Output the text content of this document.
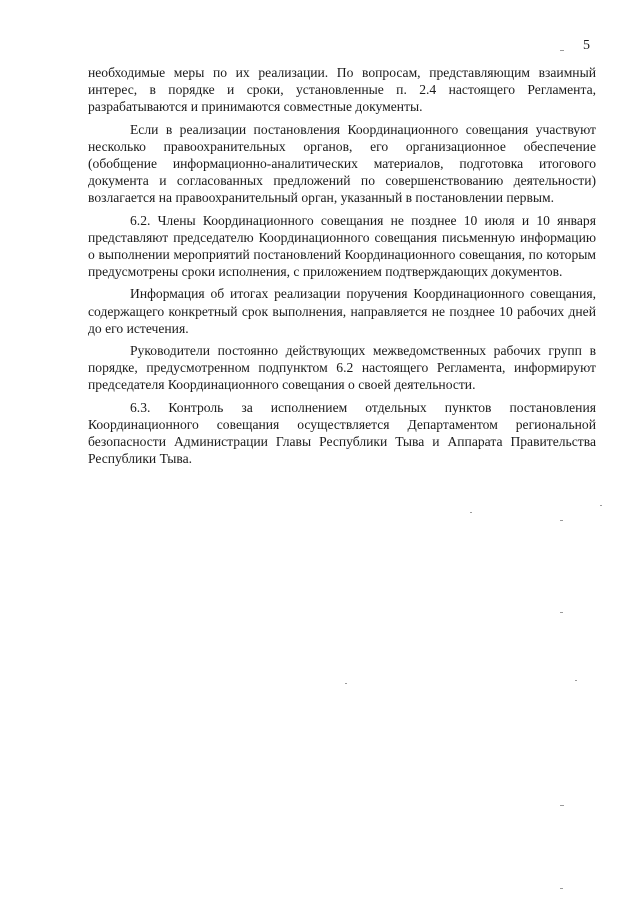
5

необходимые меры по их реализации. По вопросам, представляющим взаимный интерес, в порядке и сроки, установленные п. 2.4 настоящего Регламента, разрабатываются и принимаются совместные документы.

Если в реализации постановления Координационного совещания участвуют несколько правоохранительных органов, его организационное обеспечение (обобщение информационно-аналитических материалов, подготовка итогового документа и согласованных предложений по совершенствованию деятельности) возлагается на правоохранительный орган, указанный в постановлении первым.

6.2. Члены Координационного совещания не позднее 10 июля и 10 января представляют председателю Координационного совещания письменную информацию о выполнении мероприятий постановлений Координационного совещания, по которым предусмотрены сроки исполнения, с приложением подтверждающих документов.

Информация об итогах реализации поручения Координационного совещания, содержащего конкретный срок выполнения, направляется не позднее 10 рабочих дней до его истечения.

Руководители постоянно действующих межведомственных рабочих групп в порядке, предусмотренном подпунктом 6.2 настоящего Регламента, информируют председателя Координационного совещания о своей деятельности.

6.3. Контроль за исполнением отдельных пунктов постановления Координационного совещания осуществляется Департаментом региональной безопасности Администрации Главы Республики Тыва и Аппарата Правительства Республики Тыва.
